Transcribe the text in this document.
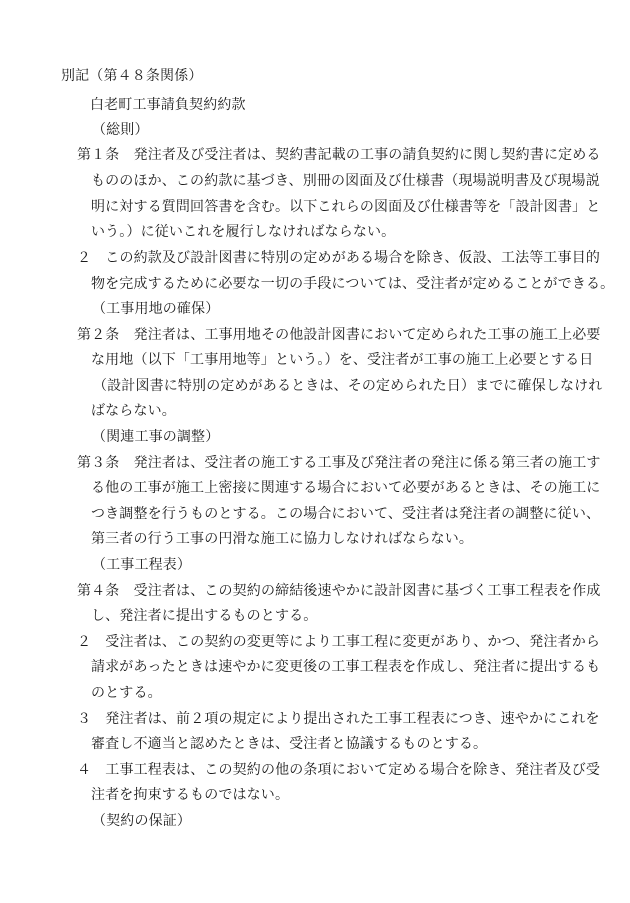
別記（第４８条関係）
白老町工事請負契約約款
（総則）
第１条　発注者及び受注者は、契約書記載の工事の請負契約に関し契約書に定める
もののほか、この約款に基づき、別冊の図面及び仕様書（現場説明書及び現場説
明に対する質問回答書を含む。以下これらの図面及び仕様書等を「設計図書」と
いう。）に従いこれを履行しなければならない。
２　この約款及び設計図書に特別の定めがある場合を除き、仮設、工法等工事目的
物を完成するために必要な一切の手段については、受注者が定めることができる。
（工事用地の確保）
第２条　発注者は、工事用地その他設計図書において定められた工事の施工上必要
な用地（以下「工事用地等」という。）を、受注者が工事の施工上必要とする日
（設計図書に特別の定めがあるときは、その定められた日）までに確保しなけれ
ばならない。
（関連工事の調整）
第３条　発注者は、受注者の施工する工事及び発注者の発注に係る第三者の施工す
る他の工事が施工上密接に関連する場合において必要があるときは、その施工に
つき調整を行うものとする。この場合において、受注者は発注者の調整に従い、
第三者の行う工事の円滑な施工に協力しなければならない。
（工事工程表）
第４条　受注者は、この契約の締結後速やかに設計図書に基づく工事工程表を作成
し、発注者に提出するものとする。
２　受注者は、この契約の変更等により工事工程に変更があり、かつ、発注者から
請求があったときは速やかに変更後の工事工程表を作成し、発注者に提出するも
のとする。
３　発注者は、前２項の規定により提出された工事工程表につき、速やかにこれを
審査し不適当と認めたときは、受注者と協議するものとする。
４　工事工程表は、この契約の他の条項において定める場合を除き、発注者及び受
注者を拘束するものではない。
（契約の保証）
